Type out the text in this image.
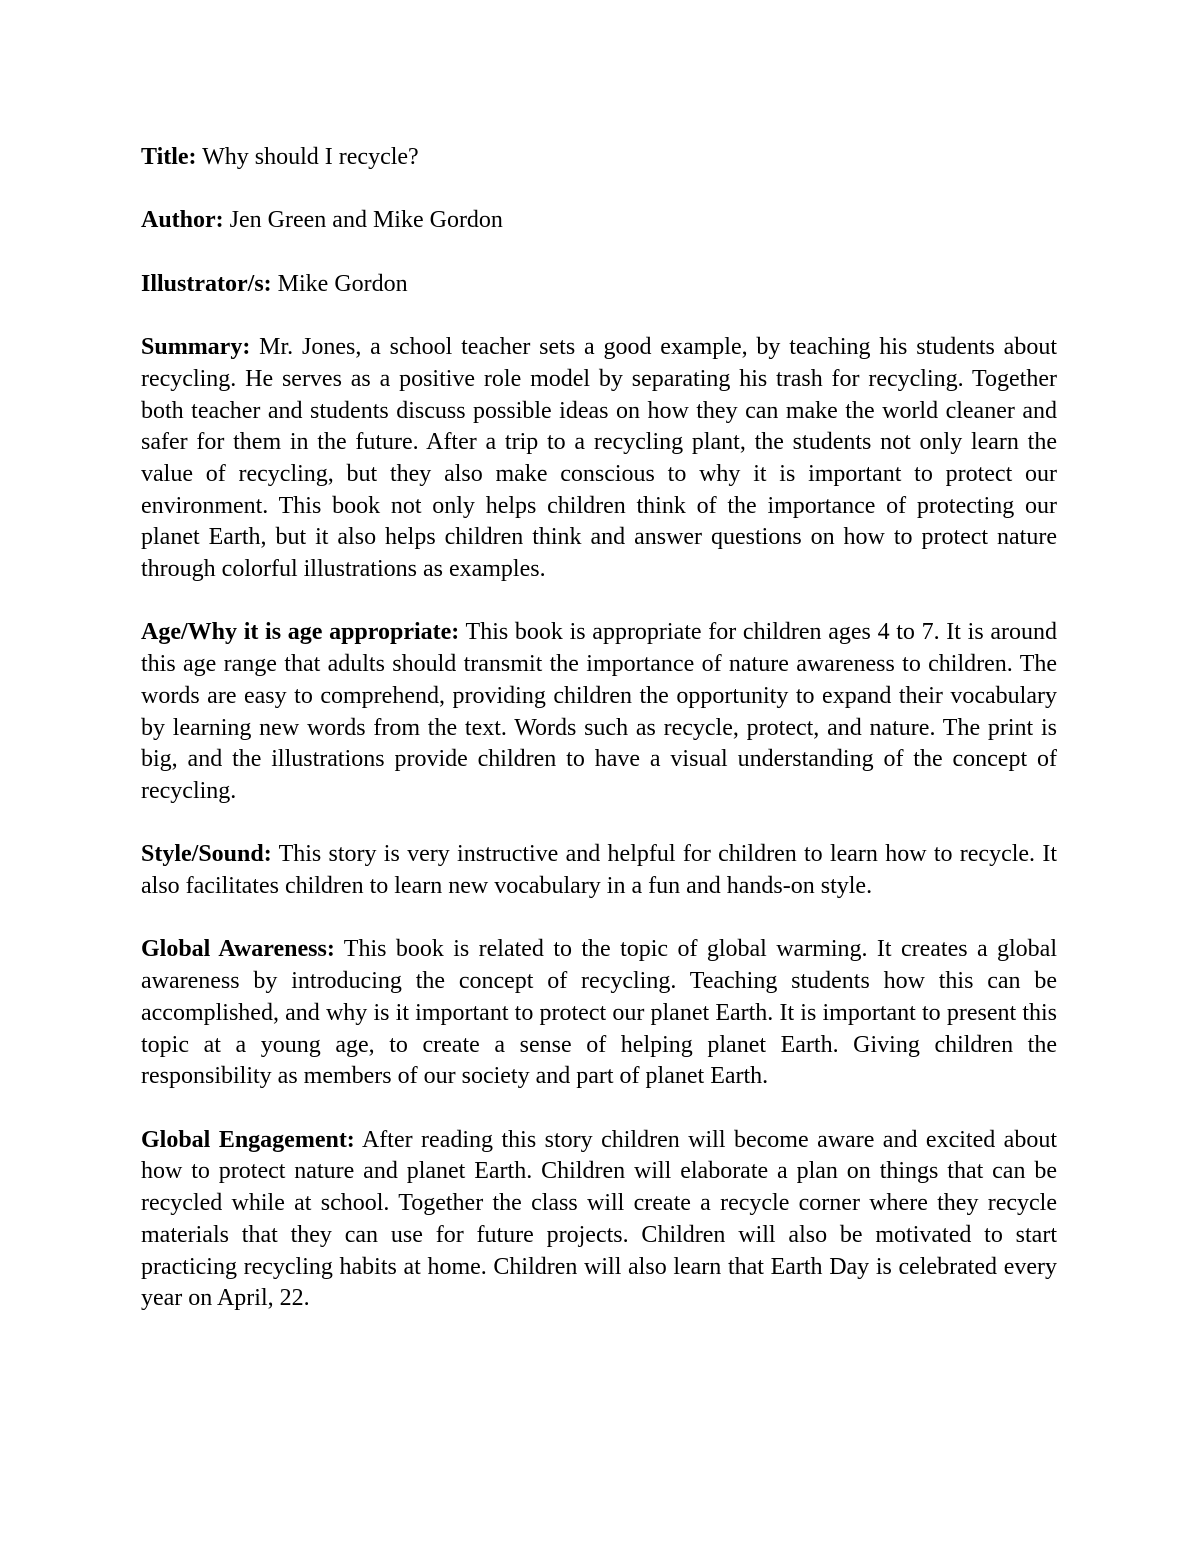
Title: Why should I recycle?

Author: Jen Green and Mike Gordon

Illustrator/s: Mike Gordon

Summary: Mr. Jones, a school teacher sets a good example, by teaching his students about recycling. He serves as a positive role model by separating his trash for recycling. Together both teacher and students discuss possible ideas on how they can make the world cleaner and safer for them in the future. After a trip to a recycling plant, the students not only learn the value of recycling, but they also make conscious to why it is important to protect our environment. This book not only helps children think of the importance of protecting our planet Earth, but it also helps children think and answer questions on how to protect nature through colorful illustrations as examples.

Age/Why it is age appropriate: This book is appropriate for children ages 4 to 7. It is around this age range that adults should transmit the importance of nature awareness to children. The words are easy to comprehend, providing children the opportunity to expand their vocabulary by learning new words from the text. Words such as recycle, protect, and nature. The print is big, and the illustrations provide children to have a visual understanding of the concept of recycling.

Style/Sound: This story is very instructive and helpful for children to learn how to recycle. It also facilitates children to learn new vocabulary in a fun and hands-on style.

Global Awareness: This book is related to the topic of global warming. It creates a global awareness by introducing the concept of recycling. Teaching students how this can be accomplished, and why is it important to protect our planet Earth. It is important to present this topic at a young age, to create a sense of helping planet Earth. Giving children the responsibility as members of our society and part of planet Earth.

Global Engagement: After reading this story children will become aware and excited about how to protect nature and planet Earth. Children will elaborate a plan on things that can be recycled while at school. Together the class will create a recycle corner where they recycle materials that they can use for future projects. Children will also be motivated to start practicing recycling habits at home. Children will also learn that Earth Day is celebrated every year on April, 22.
